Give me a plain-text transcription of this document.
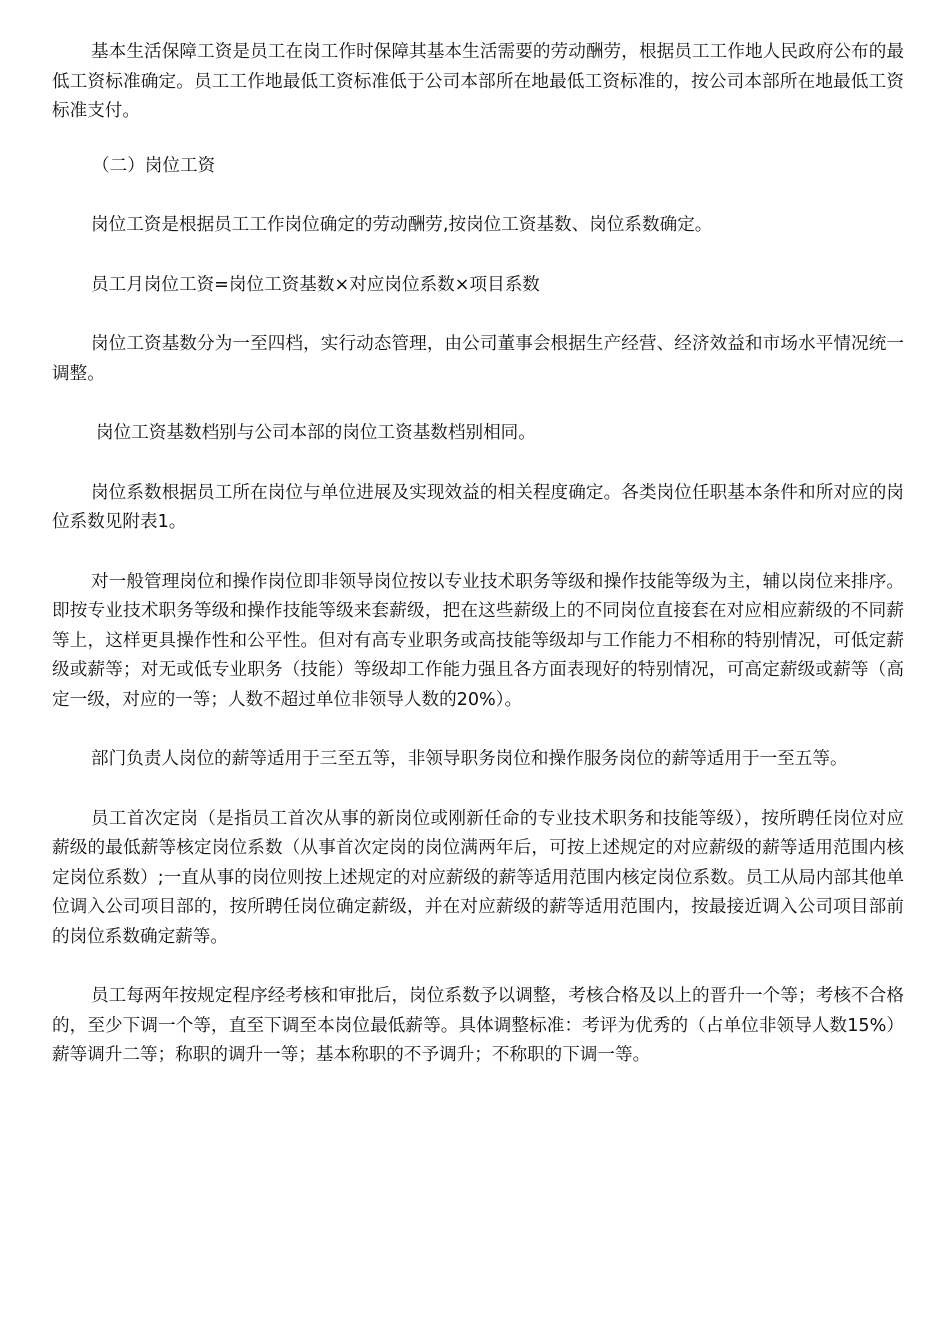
基本生活保障工资是员工在岗工作时保障其基本生活需要的劳动酬劳，根据员工工作地人民政府公布的最低工资标准确定。员工工作地最低工资标准低于公司本部所在地最低工资标准的，按公司本部所在地最低工资标准支付。

（二）岗位工资

岗位工资是根据员工工作岗位确定的劳动酬劳,按岗位工资基数、岗位系数确定。

员工月岗位工资=岗位工资基数×对应岗位系数×项目系数

岗位工资基数分为一至四档，实行动态管理，由公司董事会根据生产经营、经济效益和市场水平情况统一调整。

岗位工资基数档别与公司本部的岗位工资基数档别相同。

岗位系数根据员工所在岗位与单位进展及实现效益的相关程度确定。各类岗位任职基本条件和所对应的岗位系数见附表1。

对一般管理岗位和操作岗位即非领导岗位按以专业技术职务等级和操作技能等级为主，辅以岗位来排序。即按专业技术职务等级和操作技能等级来套薪级，把在这些薪级上的不同岗位直接套在对应相应薪级的不同薪等上，这样更具操作性和公平性。但对有高专业职务或高技能等级却与工作能力不相称的特别情况，可低定薪级或薪等；对无或低专业职务（技能）等级却工作能力强且各方面表现好的特别情况，可高定薪级或薪等（高定一级，对应的一等；人数不超过单位非领导人数的20%）。

部门负责人岗位的薪等适用于三至五等，非领导职务岗位和操作服务岗位的薪等适用于一至五等。

员工首次定岗（是指员工首次从事的新岗位或刚新任命的专业技术职务和技能等级），按所聘任岗位对应薪级的最低薪等核定岗位系数（从事首次定岗的岗位满两年后，可按上述规定的对应薪级的薪等适用范围内核定岗位系数）;一直从事的岗位则按上述规定的对应薪级的薪等适用范围内核定岗位系数。员工从局内部其他单位调入公司项目部的，按所聘任岗位确定薪级，并在对应薪级的薪等适用范围内，按最接近调入公司项目部前的岗位系数确定薪等。

员工每两年按规定程序经考核和审批后，岗位系数予以调整，考核合格及以上的晋升一个等；考核不合格的，至少下调一个等，直至下调至本岗位最低薪等。具体调整标准：考评为优秀的（占单位非领导人数15%）薪等调升二等；称职的调升一等；基本称职的不予调升；不称职的下调一等。
